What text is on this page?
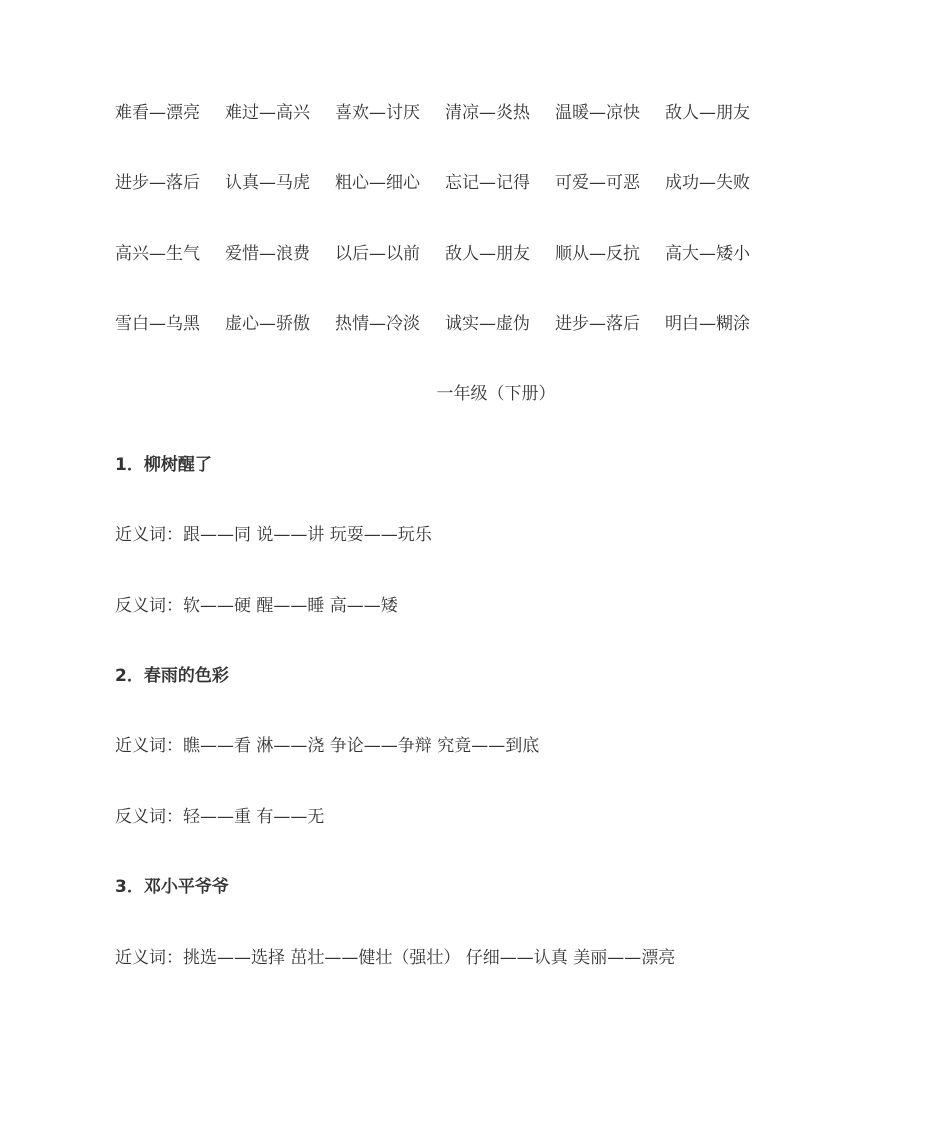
难看—漂亮	难过—高兴	喜欢—讨厌	清凉—炎热	温暖—凉快	敌人—朋友
进步—落后	认真—马虎	粗心—细心	忘记—记得	可爱—可恶	成功—失败
高兴—生气	爱惜—浪费	以后—以前	敌人—朋友	顺从—反抗	高大—矮小
雪白—乌黑	虚心—骄傲	热情—冷淡	诚实—虚伪	进步—落后	明白—糊涂
一年级（下册）
1．柳树醒了
近义词：跟——同 说——讲 玩耍——玩乐
反义词：软——硬 醒——睡 高——矮
2．春雨的色彩
近义词：瞧——看 淋——浇 争论——争辩 究竟——到底
反义词：轻——重 有——无
3．邓小平爷爷
近义词：挑选——选择 茁壮——健壮（强壮） 仔细——认真 美丽——漂亮
